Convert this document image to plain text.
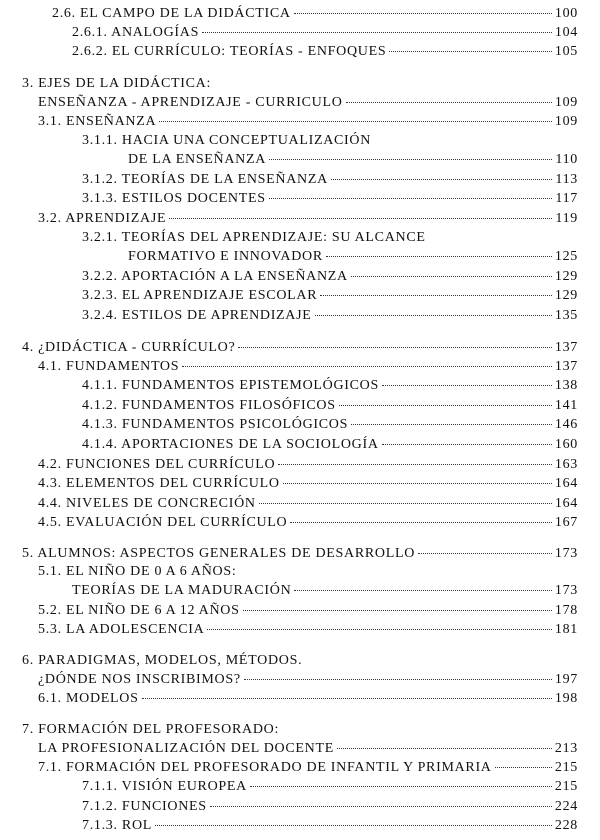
2.6. EL CAMPO DE LA DIDÁCTICA	100
2.6.1. ANALOGÍAS	104
2.6.2. EL CURRÍCULO: TEORÍAS - ENFOQUES	105
3. EJES DE LA DIDÁCTICA:
ENSEÑANZA - APRENDIZAJE - CURRICULO	109
3.1. ENSEÑANZA	109
3.1.1. HACIA UNA CONCEPTUALIZACIÓN
DE LA ENSEÑANZA	110
3.1.2. TEORÍAS DE LA ENSEÑANZA	113
3.1.3. ESTILOS DOCENTES	117
3.2. APRENDIZAJE	119
3.2.1. TEORÍAS DEL APRENDIZAJE: SU ALCANCE
FORMATIVO E INNOVADOR	125
3.2.2. APORTACIÓN A LA ENSEÑANZA	129
3.2.3. EL APRENDIZAJE ESCOLAR	129
3.2.4. ESTILOS DE APRENDIZAJE	135
4. ¿DIDÁCTICA - CURRÍCULO?	137
4.1. FUNDAMENTOS	137
4.1.1. FUNDAMENTOS EPISTEMOLÓGICOS	138
4.1.2. FUNDAMENTOS FILOSÓFICOS	141
4.1.3. FUNDAMENTOS PSICOLÓGICOS	146
4.1.4. APORTACIONES DE LA SOCIOLOGÍA	160
4.2. FUNCIONES DEL CURRÍCULO	163
4.3. ELEMENTOS DEL CURRÍCULO	164
4.4. NIVELES DE CONCRECIÓN	164
4.5. EVALUACIÓN DEL CURRÍCULO	167
5. ALUMNOS: ASPECTOS GENERALES DE DESARROLLO	173
5.1. EL NIÑO DE 0 A 6 AÑOS:
TEORÍAS DE LA MADURACIÓN	173
5.2. EL NIÑO DE 6 A 12 AÑOS	178
5.3. LA ADOLESCENCIA	181
6. PARADIGMAS, MODELOS, MÉTODOS.
¿DÓNDE NOS INSCRIBIMOS?	197
6.1. MODELOS	198
7. FORMACIÓN DEL PROFESORADO:
LA PROFESIONALIZACIÓN DEL DOCENTE	213
7.1. FORMACIÓN DEL PROFESORADO DE INFANTIL Y PRIMARIA	215
7.1.1. VISIÓN EUROPEA	215
7.1.2. FUNCIONES	224
7.1.3. ROL	228
